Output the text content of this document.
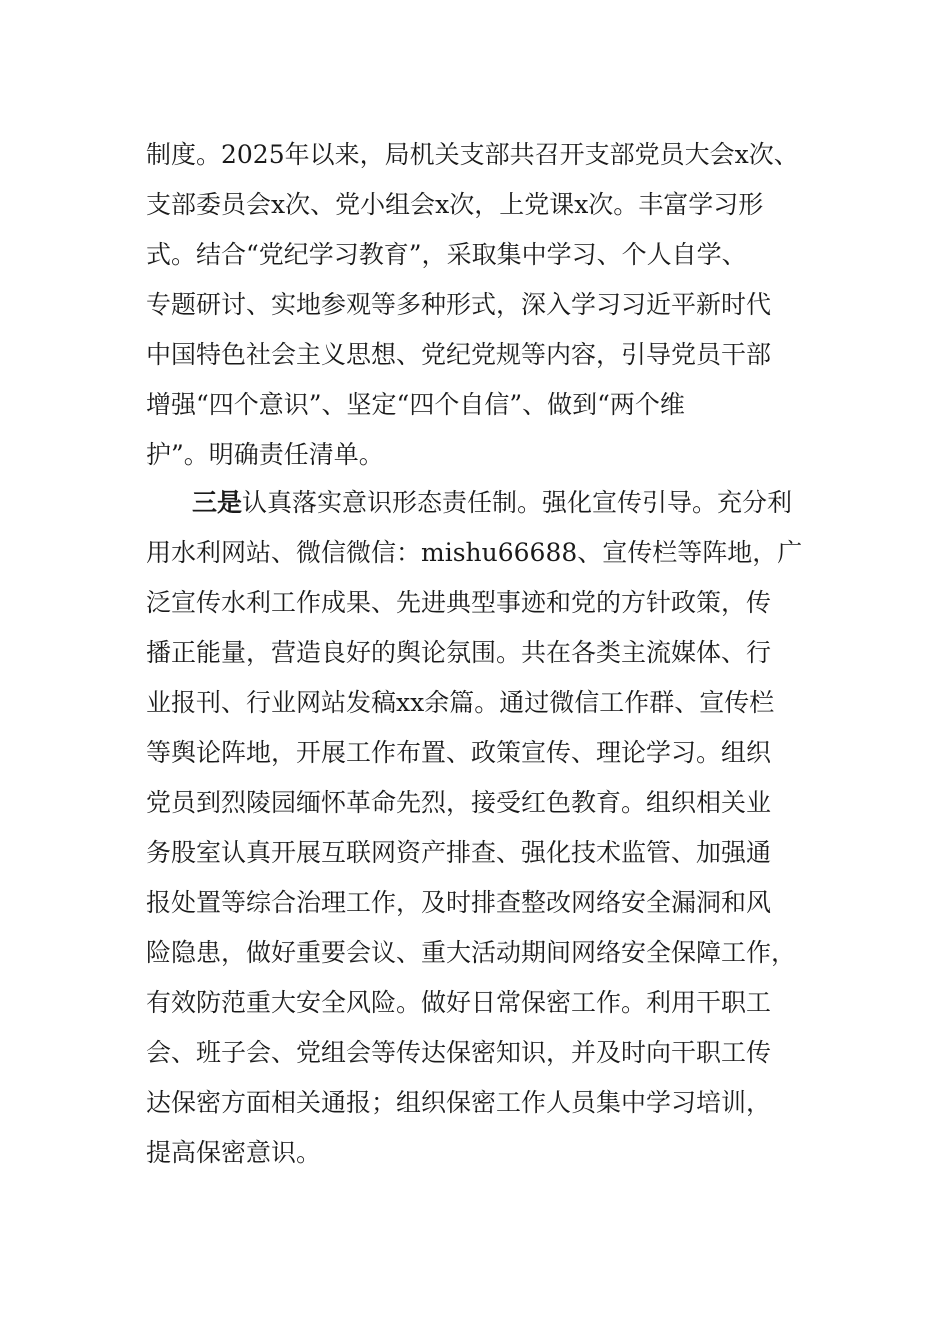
制度。2025年以来，局机关支部共召开支部党员大会x次、
支部委员会x次、党小组会x次，上党课x次。丰富学习形
式。结合“党纪学习教育”，采取集中学习、个人自学、
专题研讨、实地参观等多种形式，深入学习习近平新时代
中国特色社会主义思想、党纪党规等内容，引导党员干部
增强“四个意识”、坚定“四个自信”、做到“两个维
护”。明确责任清单。
三是认真落实意识形态责任制。强化宣传引导。充分利
用水利网站、微信微信：mishu66688、宣传栏等阵地，广
泛宣传水利工作成果、先进典型事迹和党的方针政策，传
播正能量，营造良好的舆论氛围。共在各类主流媒体、行
业报刊、行业网站发稿xx余篇。通过微信工作群、宣传栏
等舆论阵地，开展工作布置、政策宣传、理论学习。组织
党员到烈陵园缅怀革命先烈，接受红色教育。组织相关业
务股室认真开展互联网资产排查、强化技术监管、加强通
报处置等综合治理工作，及时排查整改网络安全漏洞和风
险隐患，做好重要会议、重大活动期间网络安全保障工作，
有效防范重大安全风险。做好日常保密工作。利用干职工
会、班子会、党组会等传达保密知识，并及时向干职工传
达保密方面相关通报；组织保密工作人员集中学习培训，
提高保密意识。
